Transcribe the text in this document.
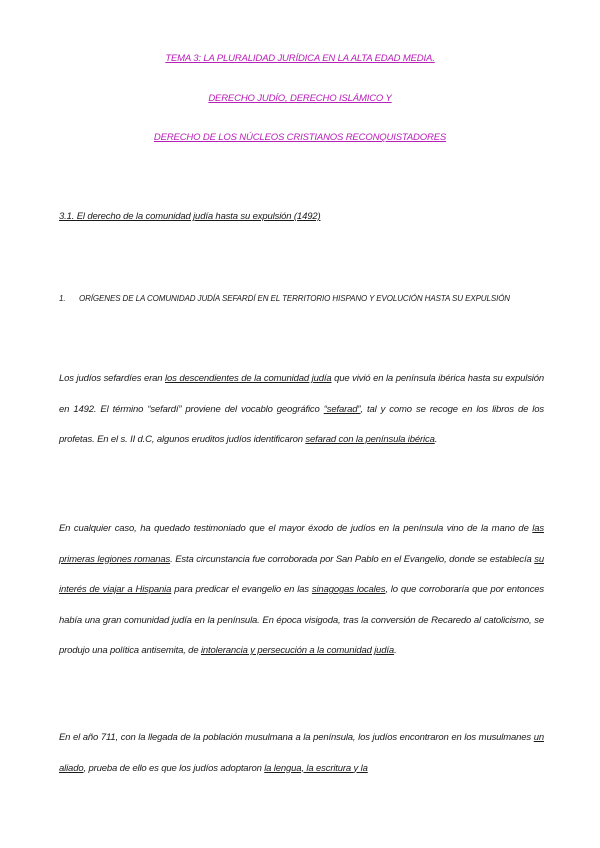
TEMA 3: LA PLURALIDAD JURÍDICA EN LA ALTA EDAD MEDIA.
DERECHO JUDÍO, DERECHO ISLÁMICO Y
DERECHO DE LOS NÚCLEOS CRISTIANOS RECONQUISTADORES
3.1. El derecho de la comunidad judía hasta su expulsión (1492)
1. ORÍGENES DE LA COMUNIDAD JUDÍA SEFARDÍ EN EL TERRITORIO HISPANO Y EVOLUCIÓN HASTA SU EXPULSIÓN

Los judíos sefardíes eran los descendientes de la comunidad judía que vivió en la península ibérica hasta su expulsión en 1492. El término “sefardí” proviene del vocablo geográfico “sefarad”, tal y como se recoge en los libros de los profetas. En el s. II d.C, algunos eruditos judíos identificaron sefarad con la península ibérica.

En cualquier caso, ha quedado testimoniado que el mayor éxodo de judíos en la península vino de la mano de las primeras legiones romanas. Esta circunstancia fue corroborada por San Pablo en el Evangelio, donde se establecía su interés de viajar a Hispania para predicar el evangelio en las sinagogas locales, lo que corroboraría que por entonces había una gran comunidad judía en la península. En época visigoda, tras la conversión de Recaredo al catolicismo, se produjo una política antisemita, de intolerancia y persecución a la comunidad judía.

En el año 711, con la llegada de la población musulmana a la península, los judíos encontraron en los musulmanes un aliado, prueba de ello es que los judíos adoptaron la lengua, la escritura y la
